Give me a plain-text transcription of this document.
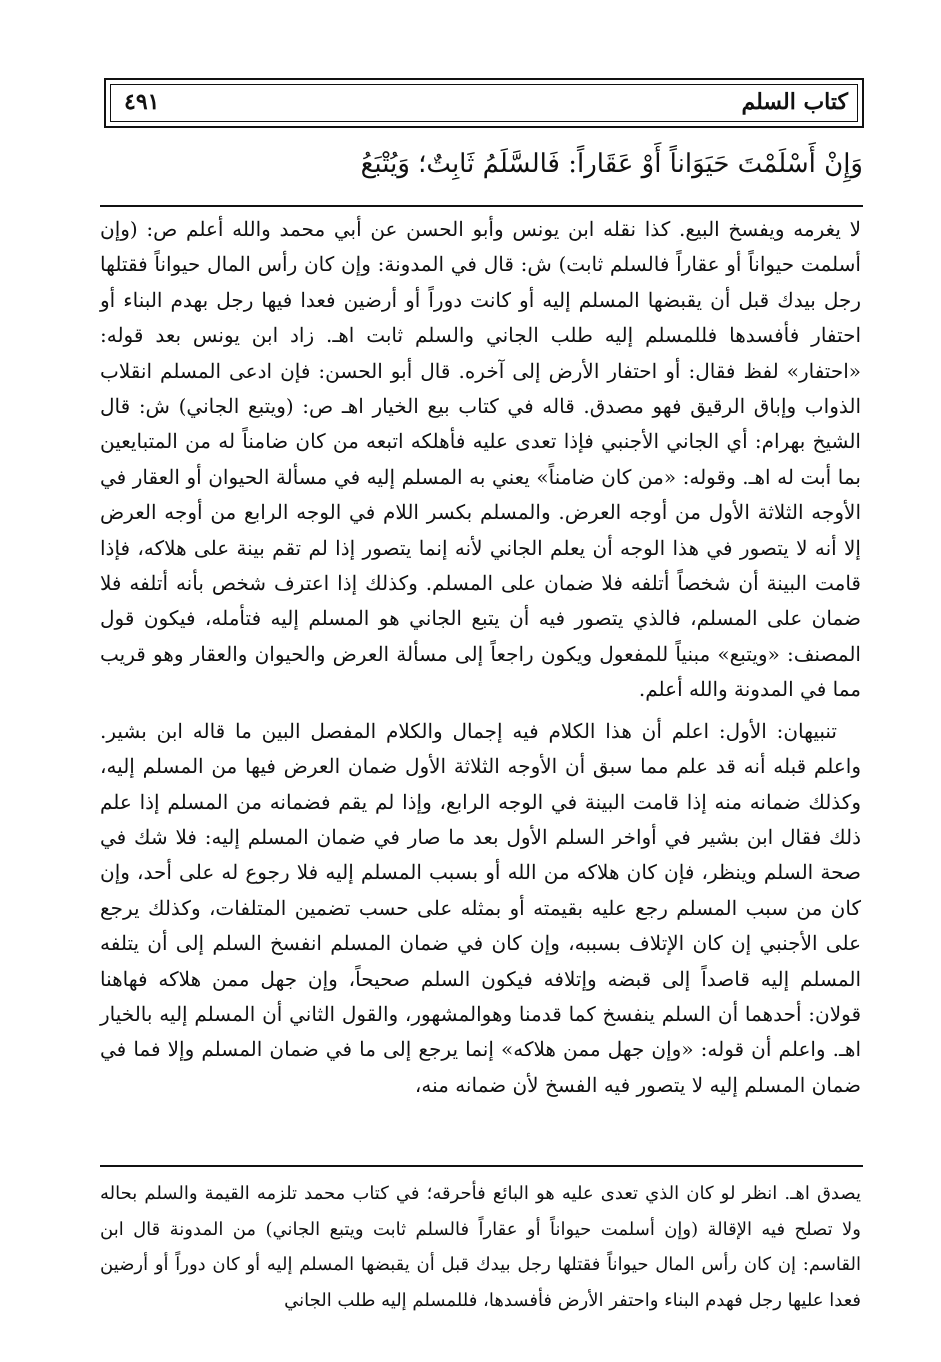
كتاب السلم
٤٩١
وَإِنْ أَسْلَمْتَ حَيَوَاناً أَوْ عَقَاراً: فَالسَّلَمُ ثَابِتٌ؛ وَيُتْبَعُ

لا يغرمه ويفسخ البيع. كذا نقله ابن يونس وأبو الحسن عن أبي محمد والله أعلم ص: (وإن أسلمت حيواناً أو عقاراً فالسلم ثابت) ش: قال في المدونة: وإن كان رأس المال حيواناً فقتلها رجل بيدك قبل أن يقبضها المسلم إليه أو كانت دوراً أو أرضين فعدا فيها رجل بهدم البناء أو احتفار فأفسدها فللمسلم إليه طلب الجاني والسلم ثابت اهـ. زاد ابن يونس بعد قوله: «احتفار» لفظ فقال: أو احتفار الأرض إلى آخره. قال أبو الحسن: فإن ادعى المسلم انقلاب الذواب وإباق الرقيق فهو مصدق. قاله في كتاب بيع الخيار اهـ ص: (ويتبع الجاني) ش: قال الشيخ بهرام: أي الجاني الأجنبي فإذا تعدى عليه فأهلكه اتبعه من كان ضامناً له من المتبايعين بما أبت له اهـ. وقوله: «من كان ضامناً» يعني به المسلم إليه في مسألة الحيوان أو العقار في الأوجه الثلاثة الأول من أوجه العرض. والمسلم بكسر اللام في الوجه الرابع من أوجه العرض إلا أنه لا يتصور في هذا الوجه أن يعلم الجاني لأنه إنما يتصور إذا لم تقم بينة على هلاكه، فإذا قامت البينة أن شخصاً أتلفه فلا ضمان على المسلم. وكذلك إذا اعترف شخص بأنه أتلفه فلا ضمان على المسلم، فالذي يتصور فيه أن يتبع الجاني هو المسلم إليه فتأمله، فيكون قول المصنف: «ويتبع» مبنياً للمفعول ويكون راجعاً إلى مسألة العرض والحيوان والعقار وهو قريب مما في المدونة والله أعلم.

تنبيهان: الأول: اعلم أن هذا الكلام فيه إجمال والكلام المفصل البين ما قاله ابن بشير. واعلم قبله أنه قد علم مما سبق أن الأوجه الثلاثة الأول ضمان العرض فيها من المسلم إليه، وكذلك ضمانه منه إذا قامت البينة في الوجه الرابع، وإذا لم يقم فضمانه من المسلم إذا علم ذلك فقال ابن بشير في أواخر السلم الأول بعد ما صار في ضمان المسلم إليه: فلا شك في صحة السلم وينظر، فإن كان هلاكه من الله أو بسبب المسلم إليه فلا رجوع له على أحد، وإن كان من سبب المسلم رجع عليه بقيمته أو بمثله على حسب تضمين المتلفات، وكذلك يرجع على الأجنبي إن كان الإتلاف بسببه، وإن كان في ضمان المسلم انفسخ السلم إلى أن يتلفه المسلم إليه قاصداً إلى قبضه وإتلافه فيكون السلم صحيحاً، وإن جهل ممن هلاكه فهاهنا قولان: أحدهما أن السلم ينفسخ كما قدمنا وهوالمشهور، والقول الثاني أن المسلم إليه بالخيار اهـ. واعلم أن قوله: «وإن جهل ممن هلاكه» إنما يرجع إلى ما في ضمان المسلم وإلا فما في ضمان المسلم إليه لا يتصور فيه الفسخ لأن ضمانه منه،

يصدق اهـ. انظر لو كان الذي تعدى عليه هو البائع فأحرقه؛ في كتاب محمد تلزمه القيمة والسلم بحاله ولا تصلح فيه الإقالة (وإن أسلمت حيواناً أو عقاراً فالسلم ثابت ويتبع الجاني) من المدونة قال ابن القاسم: إن كان رأس المال حيواناً فقتلها رجل بيدك قبل أن يقبضها المسلم إليه أو كان دوراً أو أرضين فعدا عليها رجل فهدم البناء واحتفر الأرض فأفسدها، فللمسلم إليه طلب الجاني
